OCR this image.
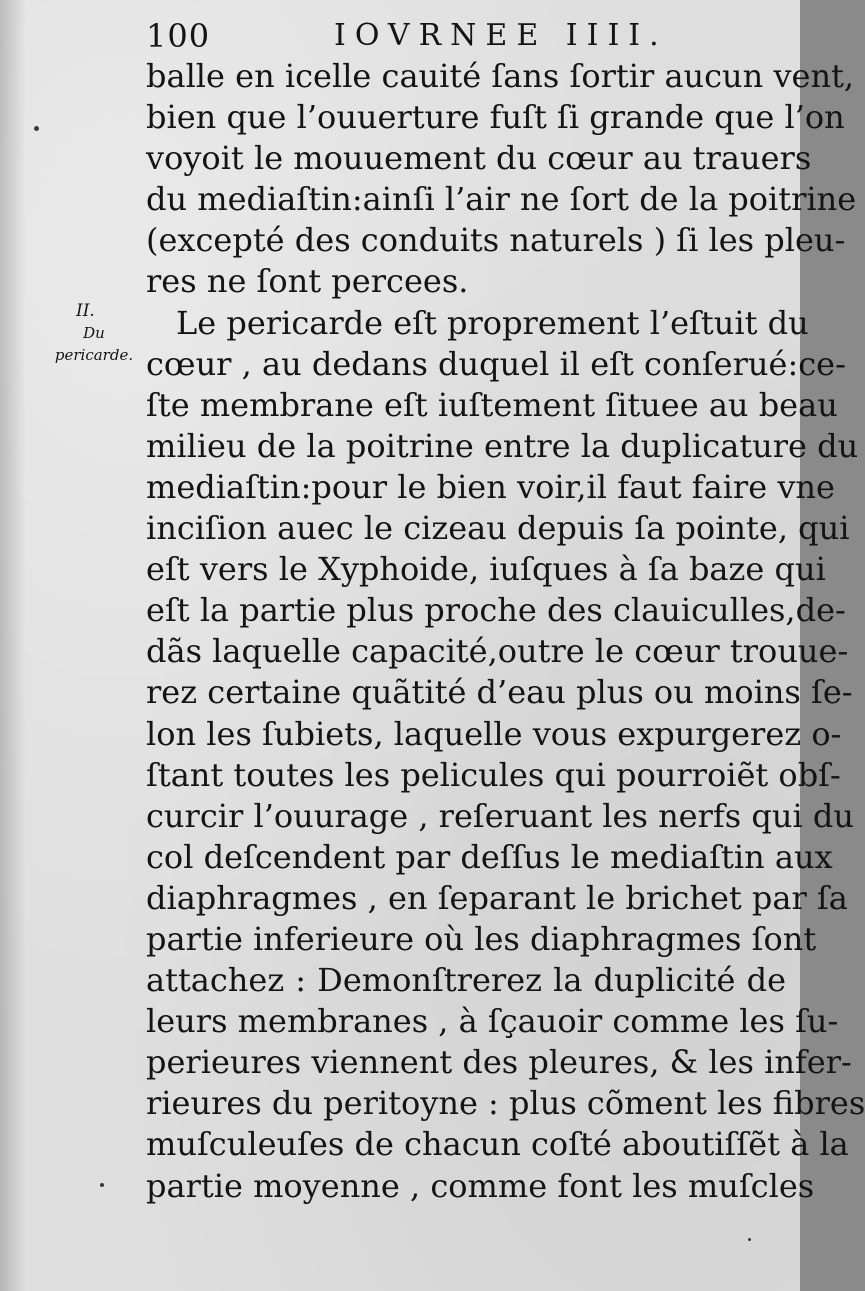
100	IOVRNEE IIII.
II.
Du pericarde.
balle en icelle cauité ſans ſortir aucun vent,
bien que l’ouuerture fuſt ſi grande que l’on
voyoit le mouuement du cœur au trauers
du mediaſtin:ainſi l’air ne ſort de la poitrine
(excepté des conduits naturels ) ſi les pleu-
res ne ſont percees.
Le pericarde eſt proprement l’eſtuit du
cœur , au dedans duquel il eſt conſerué:ce-
ſte membrane eſt iuſtement ſituee au beau
milieu de la poitrine entre la duplicature du
mediaſtin:pour le bien voir,il faut faire vne
inciſion auec le cizeau depuis ſa pointe, qui
eſt vers le Xyphoide, iuſques à ſa baze qui
eſt la partie plus proche des clauiculles,de-
dãs laquelle capacité,outre le cœur trouue-
rez certaine quãtité d’eau plus ou moins ſe-
lon les ſubiets, laquelle vous expurgerez o-
ſtant toutes les pelicules qui pourroiẽt obſ-
curcir l’ouurage , reſeruant les nerfs qui du
col deſcendent par deſſus le mediaſtin aux
diaphragmes , en ſeparant le brichet par ſa
partie inferieure où les diaphragmes ſont
attachez : Demonſtrerez la duplicité de
leurs membranes , à ſçauoir comme les ſu-
perieures viennent des pleures, & les infer-
rieures du peritoyne : plus cõment les fibres
muſculeuſes de chacun coſté aboutiſſẽt à la
partie moyenne , comme font les muſcles
